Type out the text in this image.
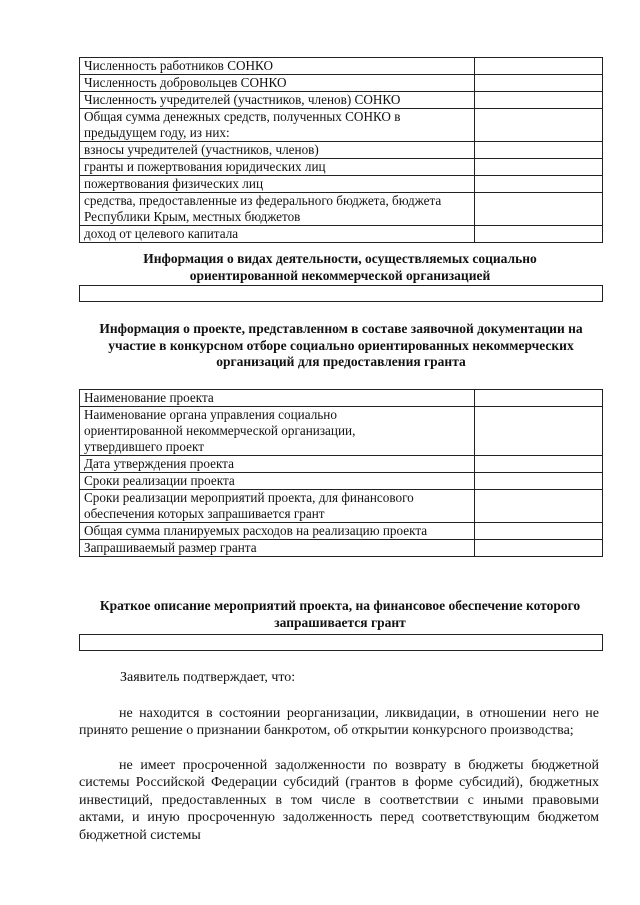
Численность работников СОНКО	
Численность добровольцев СОНКО	
Численность учредителей (участников, членов) СОНКО	
Общая сумма денежных средств, полученных СОНКО в предыдущем году, из них:	
взносы учредителей (участников, членов)	
гранты и пожертвования юридических лиц	
пожертвования физических лиц	
средства, предоставленные из федерального бюджета, бюджета Республики Крым, местных бюджетов	
доход от целевого капитала	
Информация о видах деятельности, осуществляемых социально ориентированной некоммерческой организацией
Информация о проекте, представленном в составе заявочной документации на участие в конкурсном отборе социально ориентированных некоммерческих организаций для предоставления гранта
Наименование проекта	
Наименование органа управления социально ориентированной некоммерческой организации, утвердившего проект	
Дата утверждения проекта	
Сроки реализации проекта	
Сроки реализации мероприятий проекта, для финансового обеспечения которых запрашивается грант	
Общая сумма планируемых расходов на реализацию проекта	
Запрашиваемый размер гранта	
Краткое описание мероприятий проекта, на финансовое обеспечение которого запрашивается грант
Заявитель подтверждает, что:
не находится в состоянии реорганизации, ликвидации, в отношении него не принято решение о признании банкротом, об открытии конкурсного производства;
не имеет просроченной задолженности по возврату в бюджеты бюджетной системы Российской Федерации субсидий (грантов в форме субсидий), бюджетных инвестиций, предоставленных в том числе в соответствии с иными правовыми актами, и иную просроченную задолженность перед соответствующим бюджетом бюджетной системы
